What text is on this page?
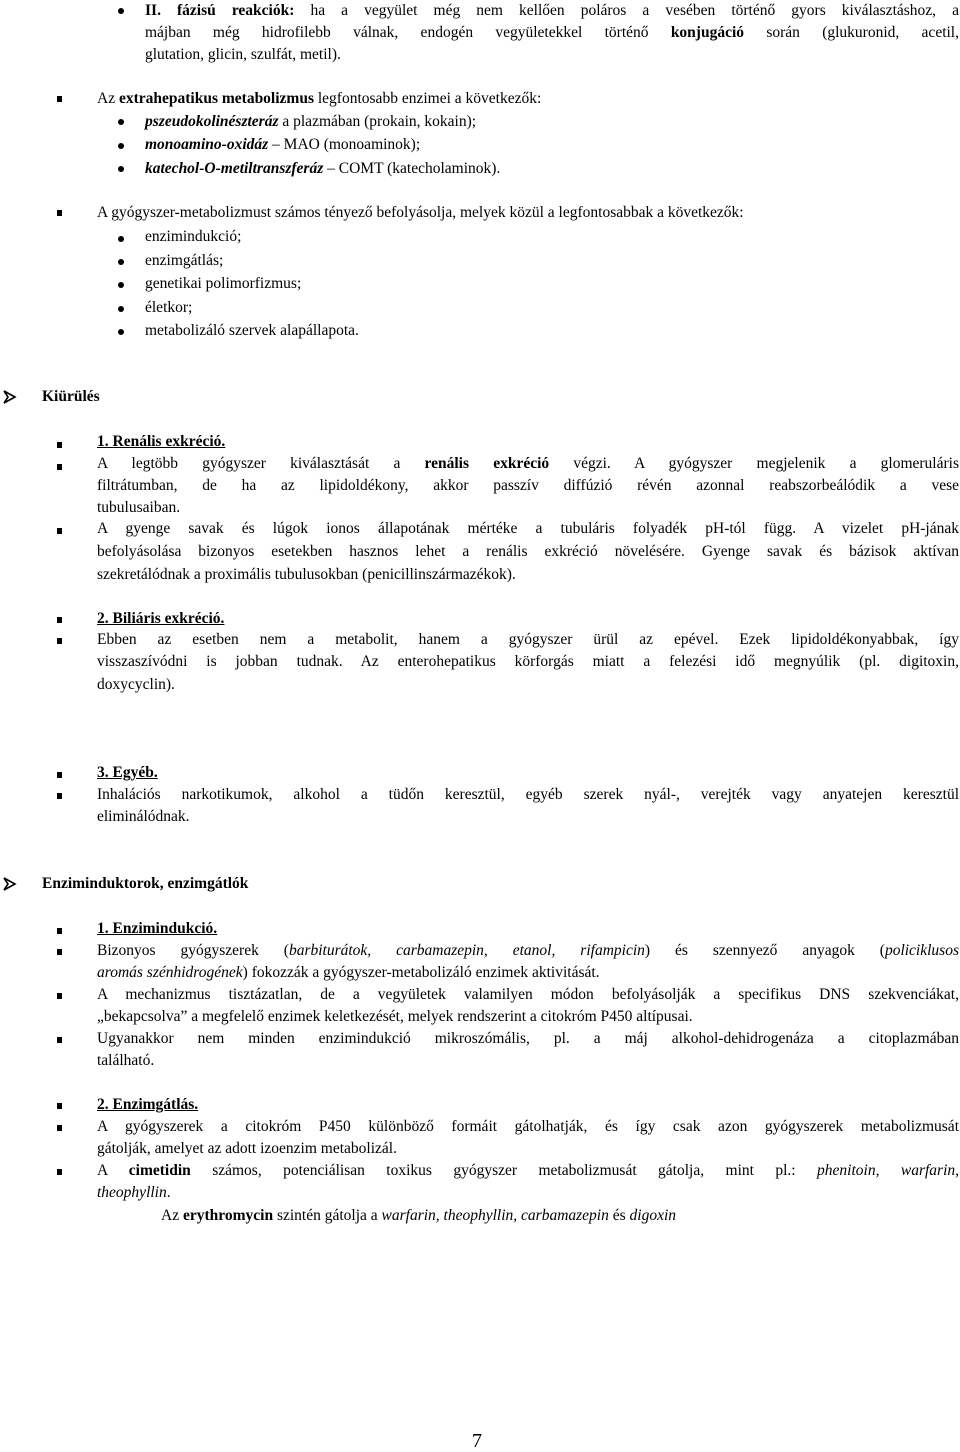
II. fázisú reakciók: ha a vegyület még nem kellően poláros a vesében történő gyors kiválasztáshoz, a
májban még hidrofilebb válnak, endogén vegyületekkel történő konjugáció során (glukuronid, acetil,
glutation, glicin, szulfát, metil).
Az extrahepatikus metabolizmus legfontosabb enzimei a következők:
pszeudokolinészteráz a plazmában (prokain, kokain);
monoamino-oxidáz – MAO (monoaminok);
katechol-O-metiltranszferáz – COMT (katecholaminok).
A gyógyszer-metabolizmust számos tényező befolyásolja, melyek közül a legfontosabbak a következők:
enzimindukció;
enzimgátlás;
genetikai polimorfizmus;
életkor;
metabolizáló szervek alapállapota.
Kiürülés
1. Renális exkréció.
A legtöbb gyógyszer kiválasztását a renális exkréció végzi. A gyógyszer megjelenik a glomeruláris
filtrátumban, de ha az lipidoldékony, akkor passzív diffúzió révén azonnal reabszorbeálódik a vese
tubulusaiban.
A gyenge savak és lúgok ionos állapotának mértéke a tubuláris folyadék pH-tól függ. A vizelet pH-jának
befolyásolása bizonyos esetekben hasznos lehet a renális exkréció növelésére. Gyenge savak és bázisok aktívan
szekretálódnak a proximális tubulusokban (penicillinszármazékok).
2. Biliáris exkréció.
Ebben az esetben nem a metabolit, hanem a gyógyszer ürül az epével. Ezek lipidoldékonyabbak, így
visszaszívódni is jobban tudnak. Az enterohepatikus körforgás miatt a felezési idő megnyúlik (pl. digitoxin,
doxycyclin).
3. Egyéb.
Inhalációs narkotikumok, alkohol a tüdőn keresztül, egyéb szerek nyál-, verejték vagy anyatejen keresztül
eliminálódnak.
Enziminduktorok, enzimgátlók
1. Enzimindukció.
Bizonyos gyógyszerek (barbiturátok, carbamazepin, etanol, rifampicin) és szennyező anyagok (policiklusos
aromás szénhidrogének) fokozzák a gyógyszer-metabolizáló enzimek aktivitását.
A mechanizmus tisztázatlan, de a vegyületek valamilyen módon befolyásolják a specifikus DNS szekvenciákat,
„bekapcsolva” a megfelelő enzimek keletkezését, melyek rendszerint a citokróm P450 altípusai.
Ugyanakkor nem minden enzimindukció mikroszómális, pl. a máj alkohol-dehidrogenáza a citoplazmában
található.
2. Enzimgátlás.
A gyógyszerek a citokróm P450 különböző formáit gátolhatják, és így csak azon gyógyszerek metabolizmusát
gátolják, amelyet az adott izoenzim metabolizál.
A cimetidin számos, potenciálisan toxikus gyógyszer metabolizmusát gátolja, mint pl.: phenitoin, warfarin,
theophyllin.
Az erythromycin szintén gátolja a warfarin, theophyllin, carbamazepin és digoxin
7
